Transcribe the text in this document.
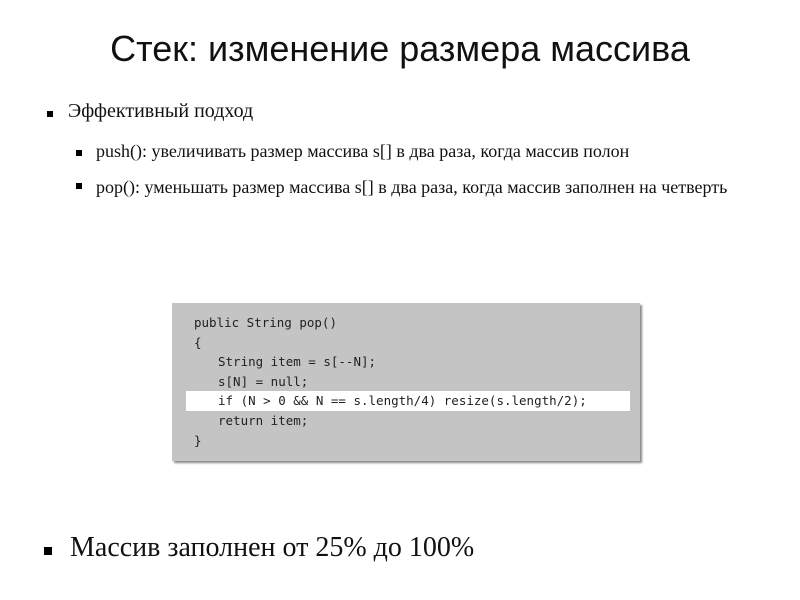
Стек: изменение размера массива

Эффективный подход

push(): увеличивать размер массива s[] в два раза, когда массив полон

pop(): уменьшать размер массива s[] в два раза, когда массив заполнен на четверть

public String pop()

{

String item = s[--N];

s[N] = null;

if (N > 0 && N == s.length/4) resize(s.length/2);

return item;

}

Массив заполнен от 25% до 100%
